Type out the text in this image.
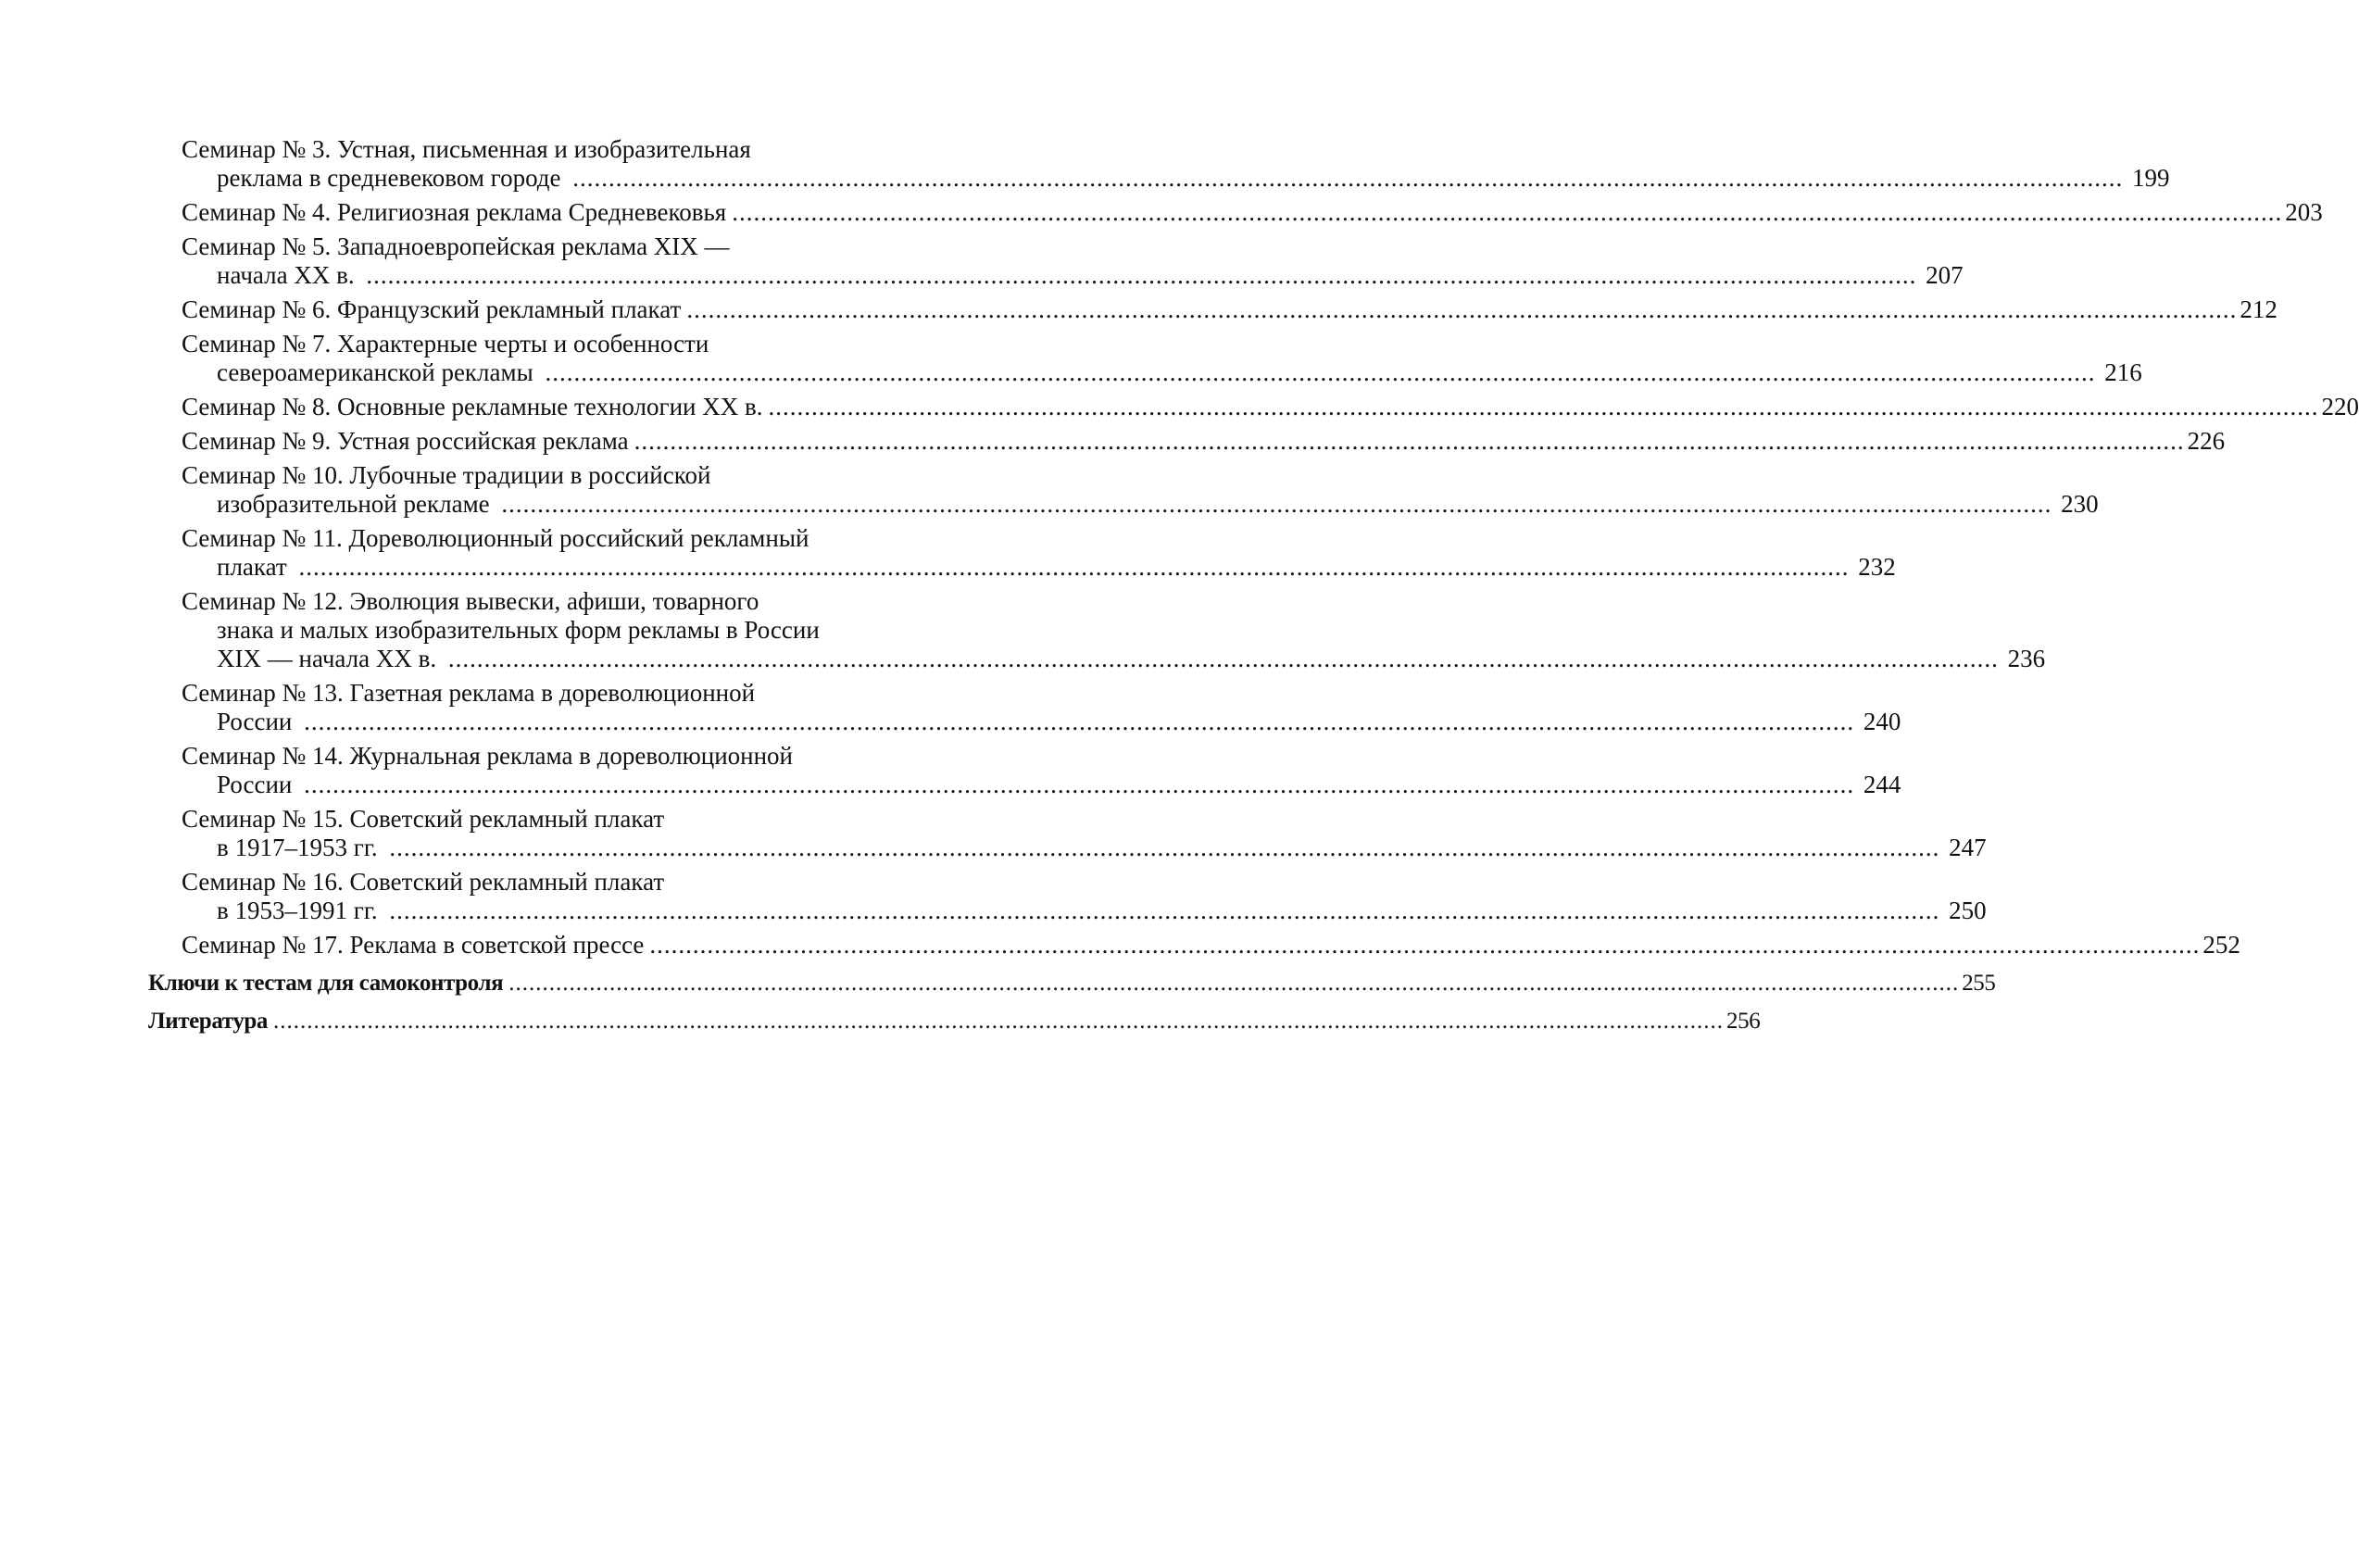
Семинар № 3. Устная, письменная и изобразительная
реклама в средневековом городе .....	199
Семинар № 4. Религиозная реклама Средневековья .....	203
Семинар № 5. Западноевропейская реклама XIX —
начала XX в. .....	207
Семинар № 6. Французский рекламный плакат .....	212
Семинар № 7. Характерные черты и особенности
североамериканской рекламы .....	216
Семинар № 8. Основные рекламные технологии XX в. .....	220
Семинар № 9. Устная российская реклама .....	226
Семинар № 10. Лубочные традиции в российской
изобразительной рекламе .....	230
Семинар № 11. Дореволюционный российский рекламный
плакат .....	232
Семинар № 12. Эволюция вывески, афиши, товарного
знака и малых изобразительных форм рекламы в России
XIX — начала XX в. .....	236
Семинар № 13. Газетная реклама в дореволюционной
России .....	240
Семинар № 14. Журнальная реклама в дореволюционной
России .....	244
Семинар № 15. Советский рекламный плакат
в 1917–1953 гг. .....	247
Семинар № 16. Советский рекламный плакат
в 1953–1991 гг. .....	250
Семинар № 17. Реклама в советской прессе .....	252
Ключи к тестам для самоконтроля .....	255
Литература .....	256
